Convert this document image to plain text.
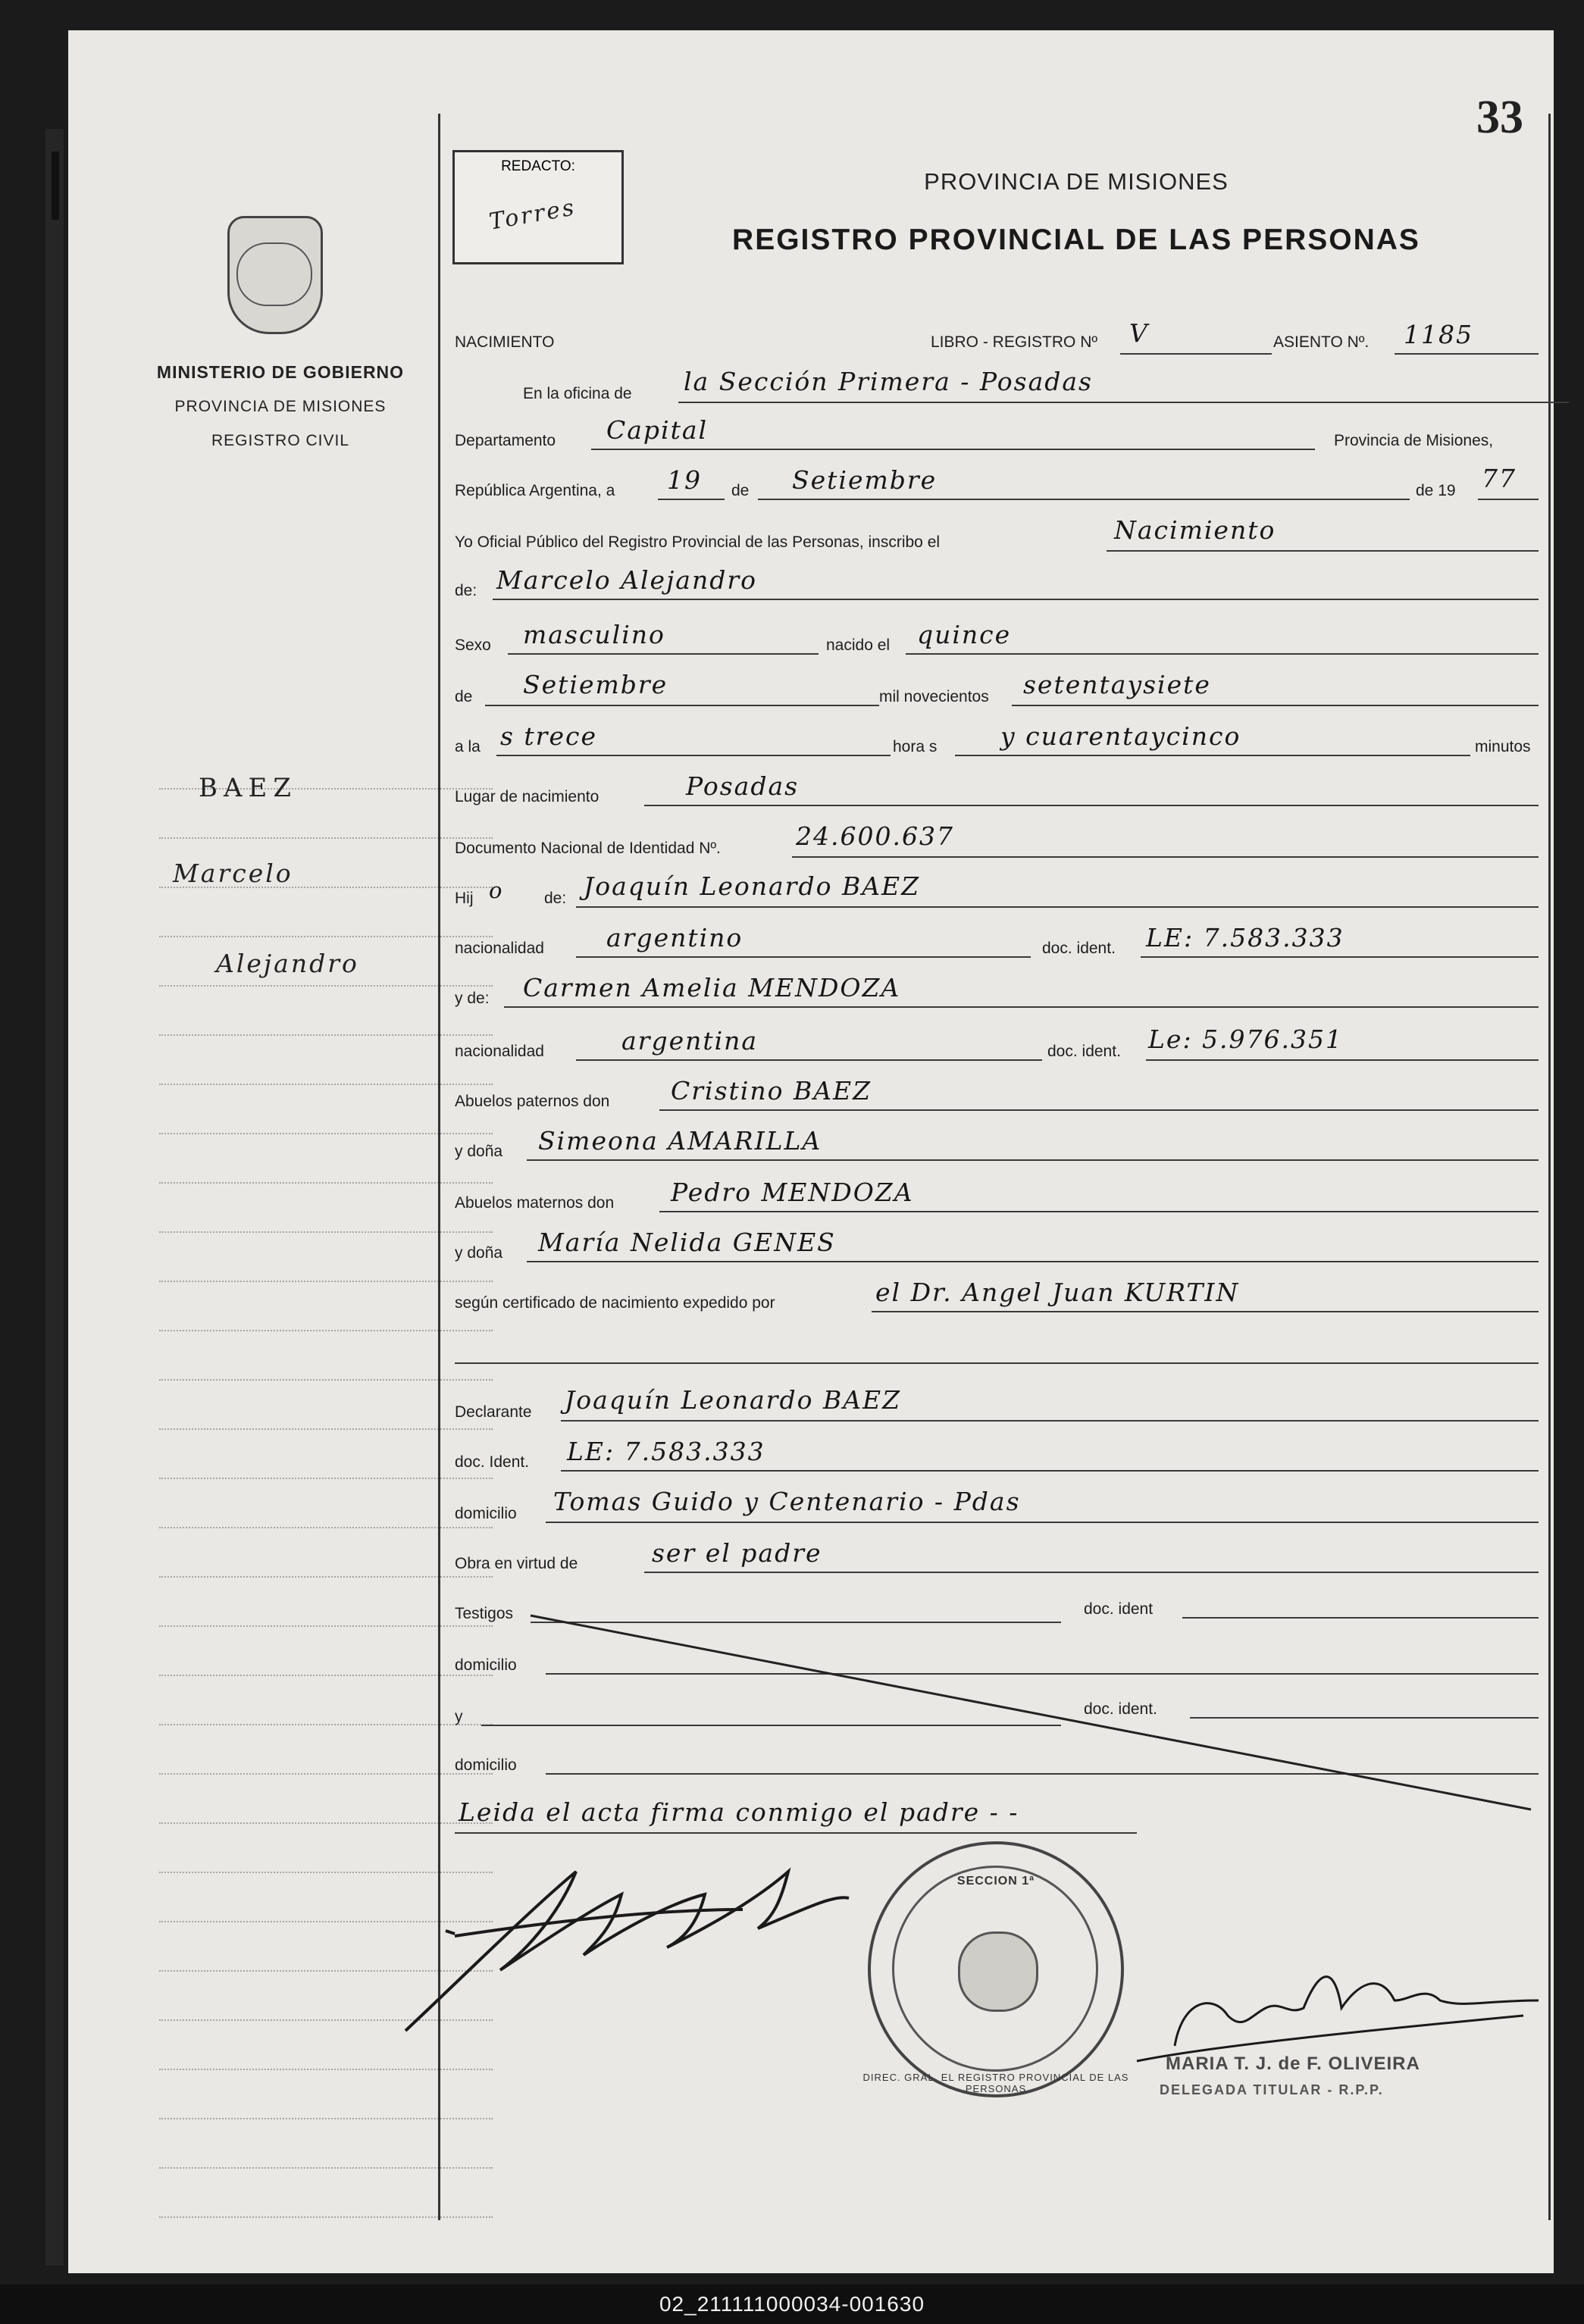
33
MINISTERIO DE GOBIERNO
PROVINCIA DE MISIONES
REGISTRO CIVIL
BAEZ
Marcelo
Alejandro
REDACTO:
Torres
PROVINCIA DE MISIONES
REGISTRO PROVINCIAL DE LAS PERSONAS
NACIMIENTO	LIBRO - REGISTRO Nº V	ASIENTO Nº. 1185
En la oficina de la Sección Primera - Posadas
Departamento Capital	Provincia de Misiones,
República Argentina, a 19 de Setiembre	de 19 77
Yo Oficial Público del Registro Provincial de las Personas, inscribo el	Nacimiento
de: Marcelo Alejandro
Sexo masculino	nacido el quince
de Setiembre	mil novecientos setentaysiete
a la s trece	hora s	y cuarentaycinco	minutos
Lugar de nacimiento	Posadas
Documento Nacional de Identidad Nº.	24.600.637
Hij o	de: Joaquín Leonardo BAEZ
nacionalidad argentino	doc. ident. LE: 7.583.333
y de: Carmen Amelia MENDOZA
nacionalidad	argentina	doc. ident. Le: 5.976.351
Abuelos paternos don Cristino BAEZ
y doña Simeona AMARILLA
Abuelos maternos don Pedro MENDOZA
y doña María Nelida GENES
según certificado de nacimiento expedido por	el Dr. Angel Juan KURTIN
Declarante Joaquín Leonardo BAEZ
doc. Ident. LE: 7.583.333
domicilio Tomas Guido y Centenario - Pdas
Obra en virtud de	ser el padre
Testigos	doc. ident
domicilio
y	doc. ident.
domicilio
Leida el acta firma conmigo el padre - -
SECCION 1ª
DIREC. GRAL. EL REGISTRO PROVINCIAL DE LAS PERSONAS
MARIA T. J. de F. OLIVEIRA
DELEGADA TITULAR - R.P.P.
02_211111000034-001630
